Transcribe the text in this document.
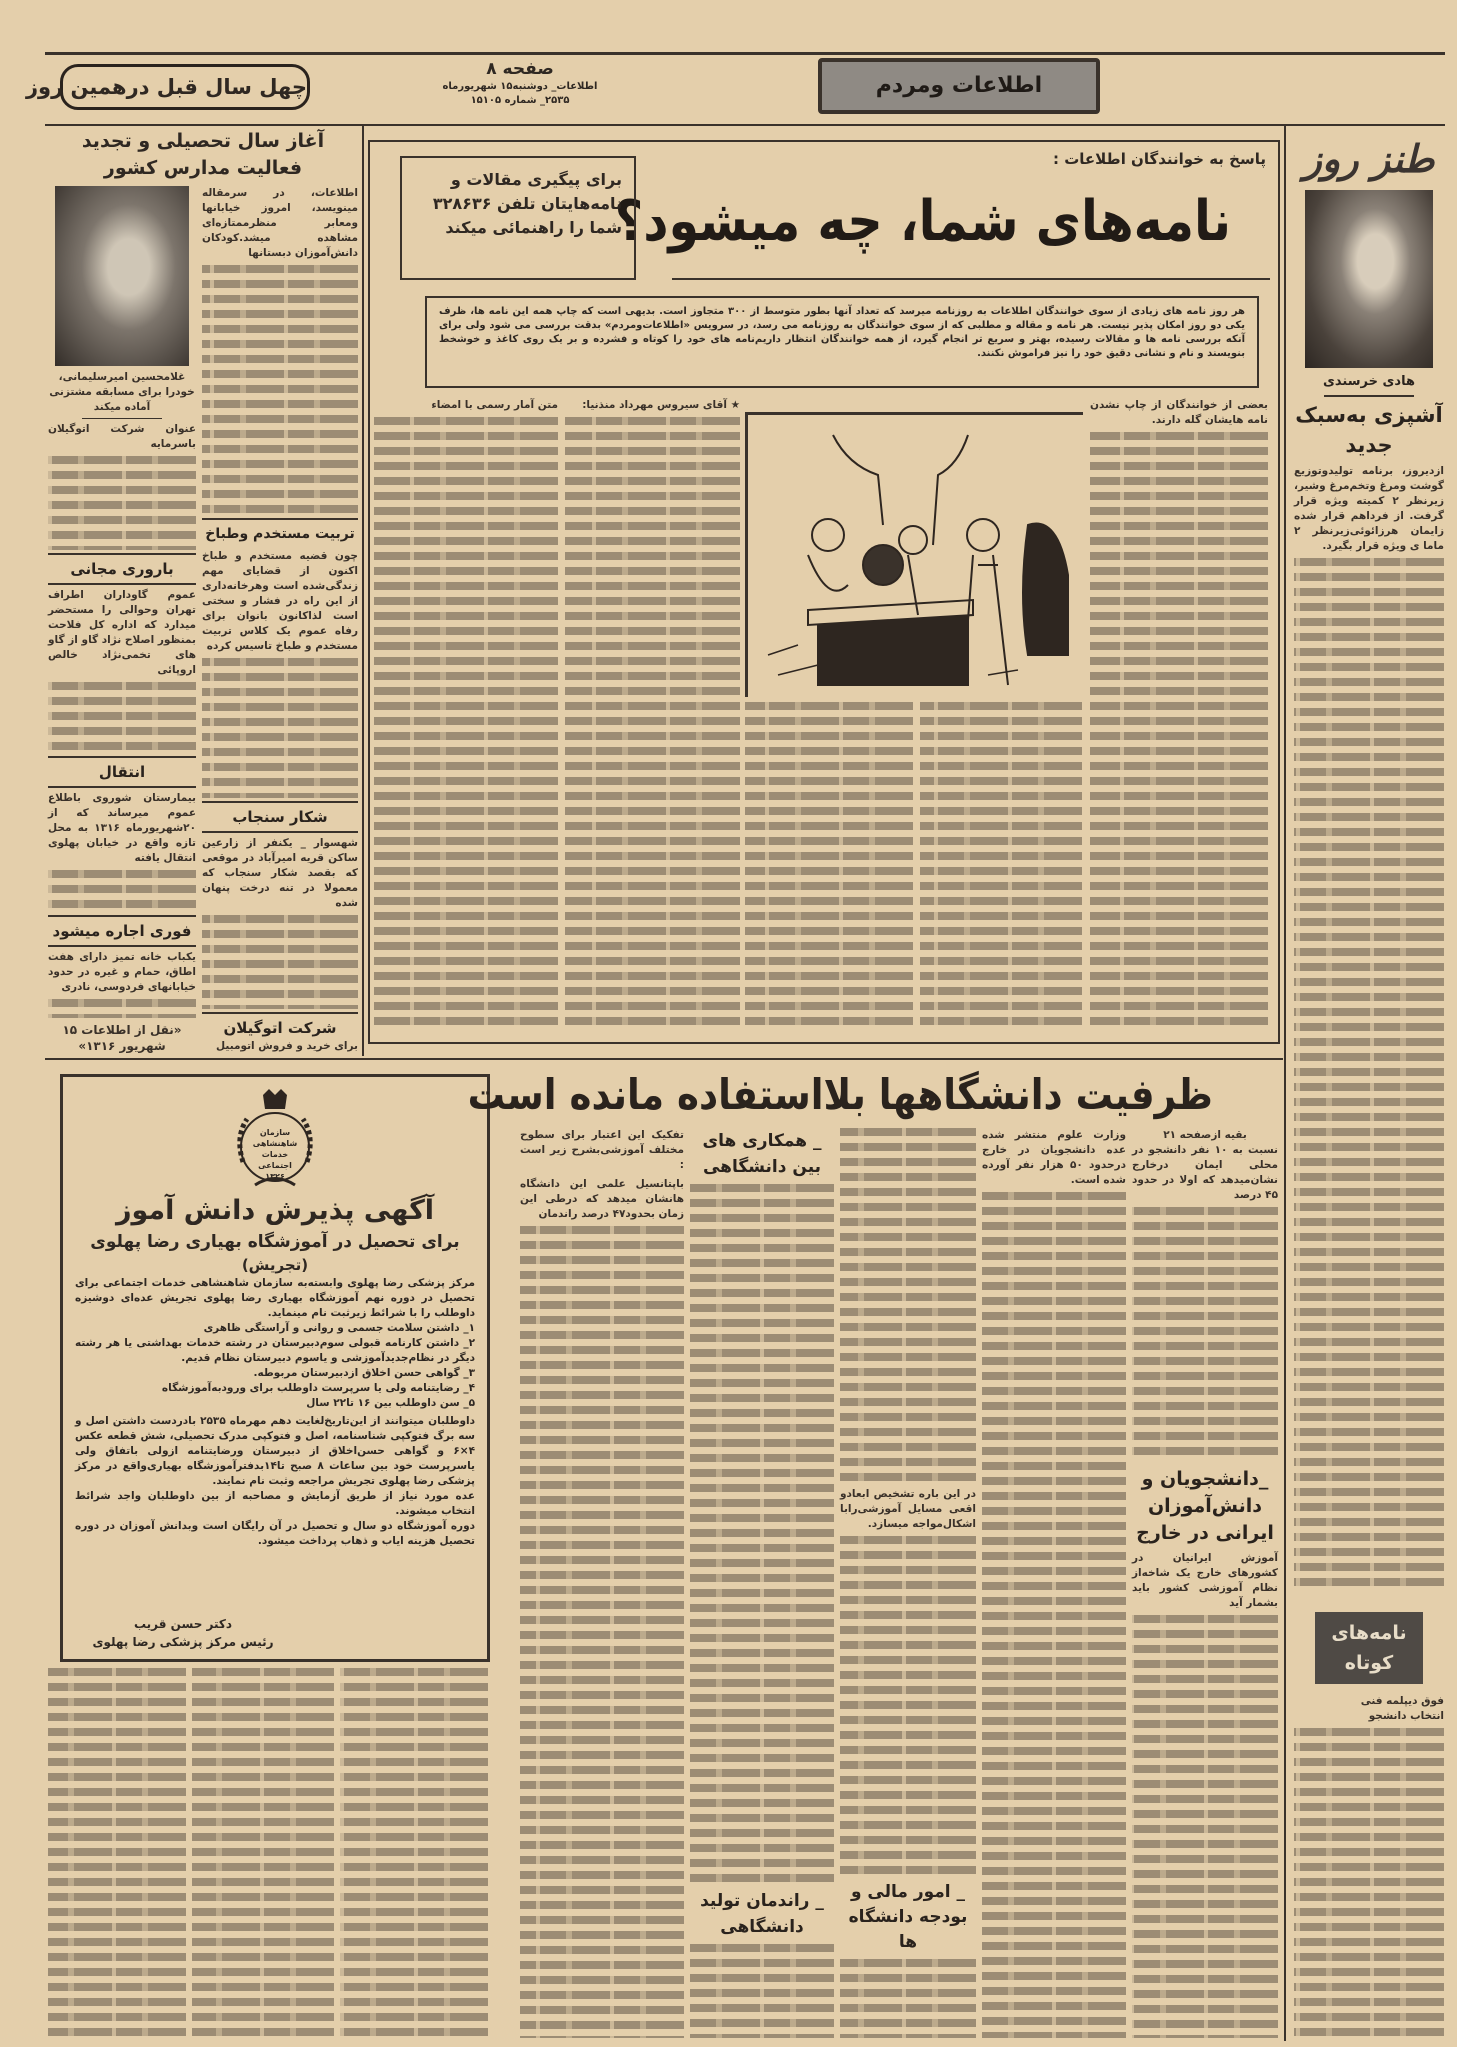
چهل سال قبل درهمین روز
صفحه ۸
اطلاعات_ دوشنبه۱۵ شهریورماه
۲۵۳۵_ شماره ۱۵۱۰۵
اطلاعات ومردم
طنز روز
هادی خرسندی
آشپزی به‌سبک جدید
ازدیروز، برنامه تولیدوتوزیع گوشت ومرغ وتخم‌مرغ وشیر، زیرنظر ۲ کمیته ویژه قرار گرفت. از فرداهم قرار شده زایمان هرزائوئی‌زیرنظر ۲ ماما ی ویژه قرار بگیرد.
نامه‌های کوتاه
فوق دیپلمه فنی
انتخاب دانشجو
پاسخ به خوانندگان اطلاعات :
نامه‌های شما، چه میشود؟
برای پیگیری مقالات و نامه‌هایتان تلفن ۳۲۸۶۳۶ شما را راهنمائی میکند
هر روز نامه های زیادی از سوی خوانندگان اطلاعات به روزنامه میرسد که تعداد آنها بطور متوسط از ۳۰۰ متجاوز است. بدیهی است که چاپ همه این نامه ها، ظرف یکی دو روز امکان پذیر نیست. هر نامه و مقاله و مطلبی که از سوی خوانندگان به روزنامه می رسد، در سرویس «اطلاعات‌ومردم» بدقت بررسی می شود ولی برای آنکه بررسی نامه ها و مقالات رسیده، بهتر و سریع تر انجام گیرد، از همه خوانندگان انتظار داریم‌نامه های خود را کوتاه و فشرده و بر یک روی کاغذ و خوشخط بنویسند و نام و نشانی دقیق خود را نیز فراموش نکنند.
بعضی از خوانندگان از چاپ نشدن نامه هایشان گله دارند.
★ آقای سیروس مهرداد منذنیا:
متن آمار رسمی با امضاء
آغاز سال تحصیلی و تجدید فعالیت مدارس کشور
غلامحسین امیرسلیمانی، خودرا برای مسابقه مشتزنی آماده میکند
عنوان شرکت اتوگیلان باسرمایه
باروری مجانی
عموم گاوداران اطراف تهران وحوالی را مستحضر میدارد که اداره کل فلاحت بمنظور اصلاح نژاد گاو از گاو های تخمی‌نژاد خالص اروپائی
انتقال
بیمارستان شوروی باطلاع عموم میرساند که از ۲۰شهریورماه ۱۳۱۶ به محل تازه واقع در خیابان پهلوی انتقال یافته
فوری اجاره میشود
یکباب خانه تمیز دارای هفت اطاق، حمام و غیره در حدود خیابانهای فردوسی، نادری
«نقل از اطلاعات ۱۵ شهریور ۱۳۱۶»
اطلاعات، در سرمقاله مینویسد، امروز خیابانها ومعابر منظرممتازه‌ای مشاهده میشد.کودکان دانش‌آموزان دبستانها
تربیت مستخدم وطباخ
چون قضیه مستخدم و طباخ اکنون از قضایای مهم زندگی‌شده است وهرخانه‌داری از این راه در فشار و سختی است لذاکانون بانوان برای رفاه عموم یک کلاس تربیت مستخدم و طباخ تاسیس کرده
شکار سنجاب
شهسوار _ یکنفر از زارعین ساکن قریه امیرآباد در موقعی که بقصد شکار سنجاب که معمولا در تنه درخت پنهان شده
شرکت اتوگیلان
برای خرید و فروش اتومبیل
سازمان شاهنشاهی
خدمات اجتماعی
۱۳۲۶
آگهی پذیرش دانش آموز
برای تحصیل در آموزشگاه بهیاری رضا پهلوی
(تجریش)
مرکز پزشکی رضا پهلوی وابسته‌به سازمان شاهنشاهی خدمات اجتماعی برای تحصیل در دوره نهم آموزشگاه بهیاری رضا پهلوی تجریش عده‌ای دوشیزه داوطلب را با شرائط زیرثبت نام مینماید.
۱_ داشتن سلامت جسمی و روانی و آراستگی ظاهری
۲_ داشتن کارنامه قبولی سوم‌دبیرستان در رشته خدمات بهداشتی یا هر رشته دیگر در نظام‌جدیدآموزشی و یاسوم دبیرستان نظام قدیم.
۳_ گواهی حسن اخلاق ازدبیرستان مربوطه.
۴_ رضایتنامه ولی یا سرپرست داوطلب برای ورودبه‌آموزشگاه
۵_ سن داوطلب بین ۱۶ تا۲۲ سال
داوطلبان میتوانند از این‌تاریخ‌لغایت دهم مهرماه ۲۵۳۵ بادردست داشتن اصل و سه برگ فتوکپی شناسنامه، اصل و فتوکپی مدرک تحصیلی، شش قطعه عکس ۴×۶ و گواهی حسن‌اخلاق از دبیرستان ورضایتنامه ازولی باتفاق ولی یاسرپرست خود بین ساعات ۸ صبح تا۱۴بدفترآموزشگاه بهیاری‌واقع در مرکز پزشکی رضا پهلوی تجریش مراجعه وثبت نام نمایند.
عده مورد نیاز از طریق آزمایش و مصاحبه از بین داوطلبان واجد شرائط انتخاب میشوند.
دوره آموزشگاه دو سال و تحصیل در آن رایگان است وبدانش آموزان در دوره تحصیل هزینه ایاب و ذهاب پرداخت میشود.
دکتر حسن قریب
رئیس مرکز پزشکی رضا پهلوی
ظرفیت دانشگاهها بلااستفاده مانده است
بقیه ازصفحه ۲۱
نسبت به ۱۰ نفر دانشجو در محلی ایمان درخارج نشان‌میدهد که اولا در حدود ۴۵ درصد
_دانشجویان و دانش‌آموزان ایرانی در خارج
آموزش ایرانیان در کشورهای خارج یک شاخه‌از نظام آموزشی کشور باید بشمار آید
وزارت علوم منتشر شده عده دانشجویان در خارج درحدود ۵۰ هزار نفر آورده شده است.
در این باره تشخیص ابعادو اقعی مسایل آموزشی‌رابا اشکال‌مواجه میسازد.
_ امور مالی و بودجه دانشگاه ها
_ همکاری های بین دانشگاهی
_ راندمان تولید دانشگاهی
تفکیک این اعتبار برای سطوح مختلف آموزشی‌بشرح زیر است :
باپتانسیل علمی این دانشگاه هانشان میدهد که درطی این زمان بحدود۴۷ درصد راندمان
